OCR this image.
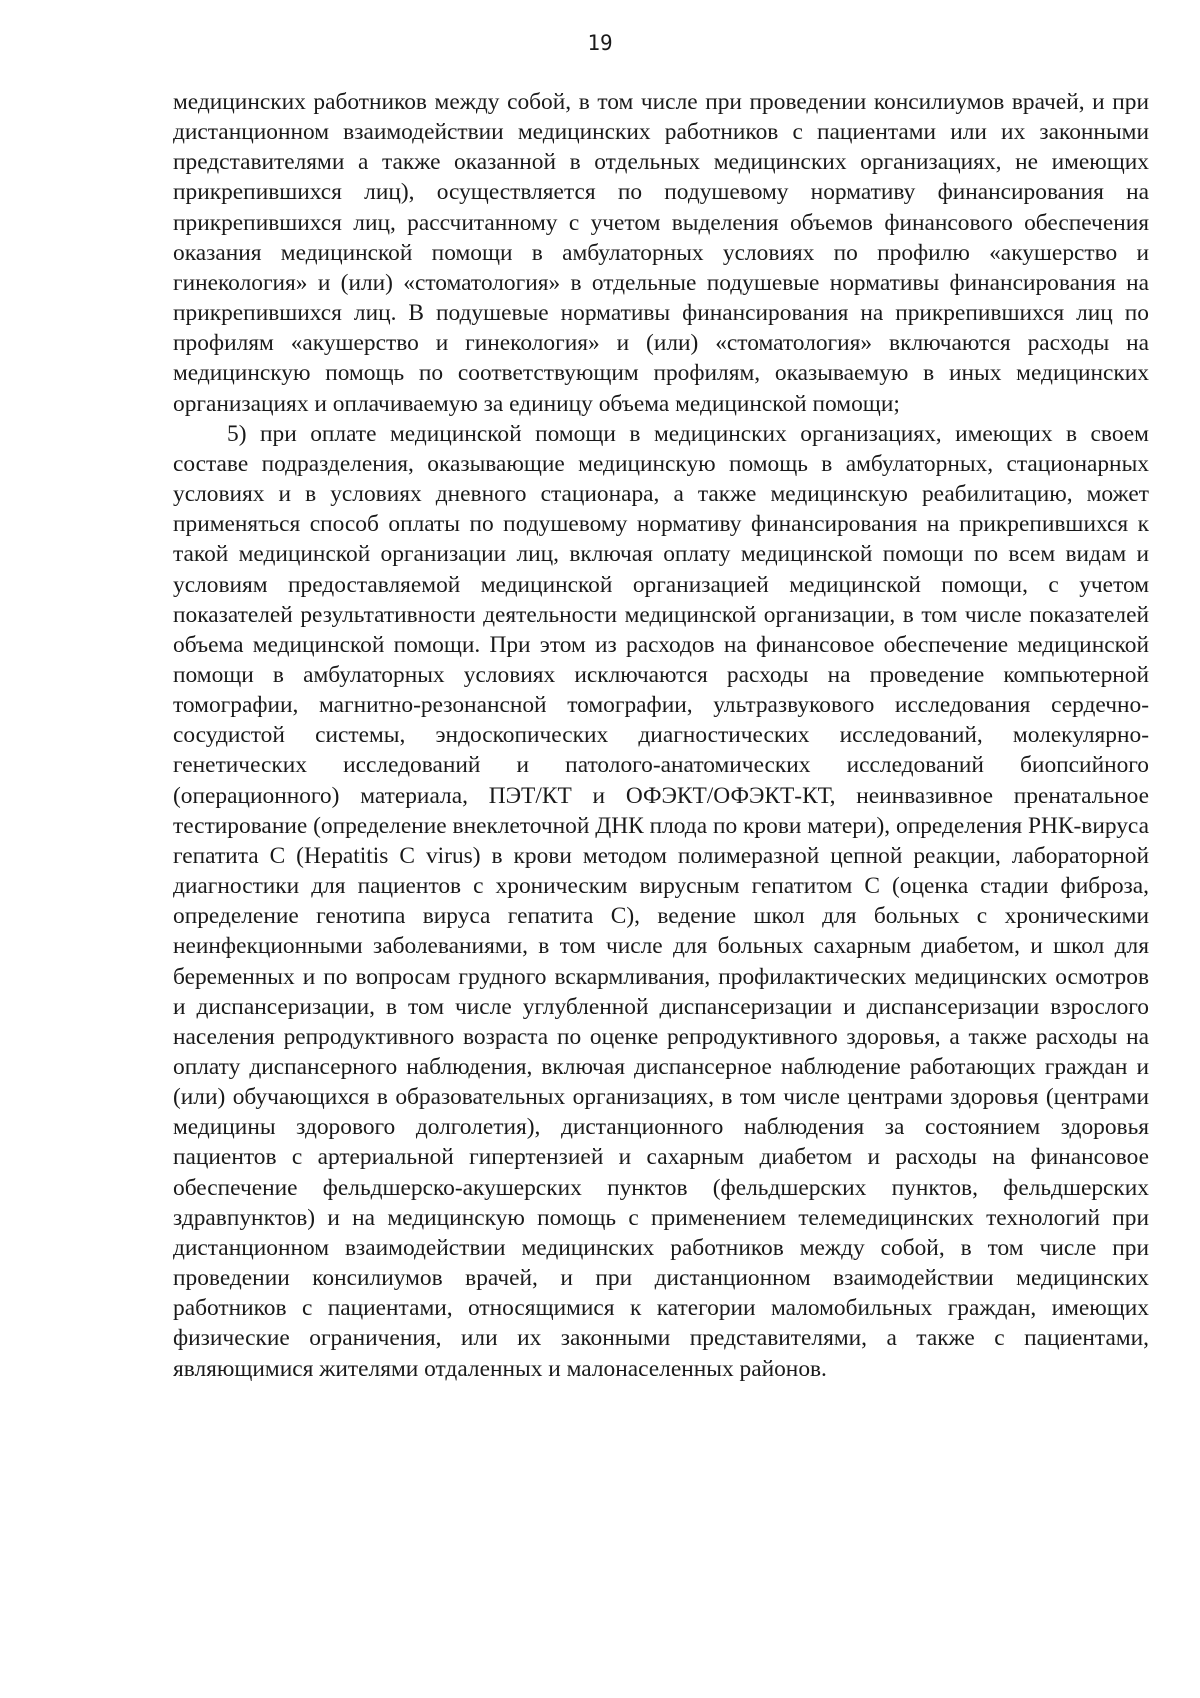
19

медицинских работников между собой, в том числе при проведении консилиумов врачей, и при дистанционном взаимодействии медицинских работников с пациентами или их законными представителями а также оказанной в отдельных медицинских организациях, не имеющих прикрепившихся лиц), осуществляется по подушевому нормативу финансирования на прикрепившихся лиц, рассчитанному с учетом выделения объемов финансового обеспечения оказания медицинской помощи в амбулаторных условиях по профилю «акушерство и гинекология» и (или) «стоматология» в отдельные подушевые нормативы финансирования на прикрепившихся лиц. В подушевые нормативы финансирования на прикрепившихся лиц по профилям «акушерство и гинекология» и (или) «стоматология» включаются расходы на медицинскую помощь по соответствующим профилям, оказываемую в иных медицинских организациях и оплачиваемую за единицу объема медицинской помощи;

5) при оплате медицинской помощи в медицинских организациях, имеющих в своем составе подразделения, оказывающие медицинскую помощь в амбулаторных, стационарных условиях и в условиях дневного стационара, а также медицинскую реабилитацию, может применяться способ оплаты по подушевому нормативу финансирования на прикрепившихся к такой медицинской организации лиц, включая оплату медицинской помощи по всем видам и условиям предоставляемой медицинской организацией медицинской помощи, с учетом показателей результативности деятельности медицинской организации, в том числе показателей объема медицинской помощи. При этом из расходов на финансовое обеспечение медицинской помощи в амбулаторных условиях исключаются расходы на проведение компьютерной томографии, магнитно-резонансной томографии, ультразвукового исследования сердечно-сосудистой системы, эндоскопических диагностических исследований, молекулярно-генетических исследований и патолого-анатомических исследований биопсийного (операционного) материала, ПЭТ/КТ и ОФЭКТ/ОФЭКТ-КТ, неинвазивное пренатальное тестирование (определение внеклеточной ДНК плода по крови матери), определения РНК-вируса гепатита С (Hepatitis C virus) в крови методом полимеразной цепной реакции, лабораторной диагностики для пациентов с хроническим вирусным гепатитом С (оценка стадии фиброза, определение генотипа вируса гепатита С), ведение школ для больных с хроническими неинфекционными заболеваниями, в том числе для больных сахарным диабетом, и школ для беременных и по вопросам грудного вскармливания, профилактических медицинских осмотров и диспансеризации, в том числе углубленной диспансеризации и диспансеризации взрослого населения репродуктивного возраста по оценке репродуктивного здоровья, а также расходы на оплату диспансерного наблюдения, включая диспансерное наблюдение работающих граждан и (или) обучающихся в образовательных организациях, в том числе центрами здоровья (центрами медицины здорового долголетия), дистанционного наблюдения за состоянием здоровья пациентов с артериальной гипертензией и сахарным диабетом и расходы на финансовое обеспечение фельдшерско-акушерских пунктов (фельдшерских пунктов, фельдшерских здравпунктов) и на медицинскую помощь с применением телемедицинских технологий при дистанционном взаимодействии медицинских работников между собой, в том числе при проведении консилиумов врачей, и при дистанционном взаимодействии медицинских работников с пациентами, относящимися к категории маломобильных граждан, имеющих физические ограничения, или их законными представителями, а также с пациентами, являющимися жителями отдаленных и малонаселенных районов.
